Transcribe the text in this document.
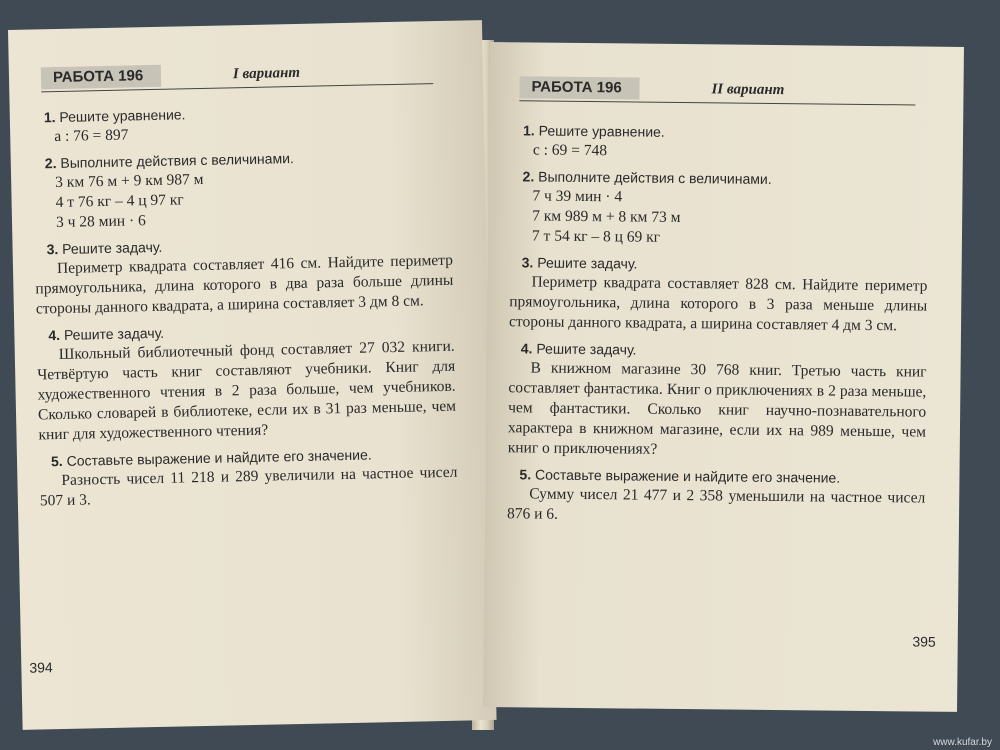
РАБОТА 196	I вариант
1. Решите уравнение.
a : 76 = 897
2. Выполните действия с величинами.
3 км 76 м + 9 км 987 м
4 т 76 кг – 4 ц 97 кг
3 ч 28 мин · 6
3. Решите задачу.
Периметр квадрата составляет 416 см. Найдите периметр прямоугольника, длина которого в два раза больше длины стороны данного квадрата, а ширина составляет 3 дм 8 см.
4. Решите задачу.
Школьный библиотечный фонд составляет 27 032 книги. Четвёртую часть книг составляют учебники. Книг для художественного чтения в 2 раза больше, чем учебников. Сколько словарей в библиотеке, если их в 31 раз меньше, чем книг для художественного чтения?
5. Составьте выражение и найдите его значение.
Разность чисел 11 218 и 289 увеличили на частное чисел 507 и 3.
394
РАБОТА 196	II вариант
1. Решите уравнение.
c : 69 = 748
2. Выполните действия с величинами.
7 ч 39 мин · 4
7 км 989 м + 8 км 73 м
7 т 54 кг – 8 ц 69 кг
3. Решите задачу.
Периметр квадрата составляет 828 см. Найдите периметр прямоугольника, длина которого в 3 раза меньше длины стороны данного квадрата, а ширина составляет 4 дм 3 см.
4. Решите задачу.
В книжном магазине 30 768 книг. Третью часть книг составляет фантастика. Книг о приключениях в 2 раза меньше, чем фантастики. Сколько книг научно-познавательного характера в книжном магазине, если их на 989 меньше, чем книг о приключениях?
5. Составьте выражение и найдите его значение.
Сумму чисел 21 477 и 2 358 уменьшили на частное чисел 876 и 6.
395
www.kufar.by
